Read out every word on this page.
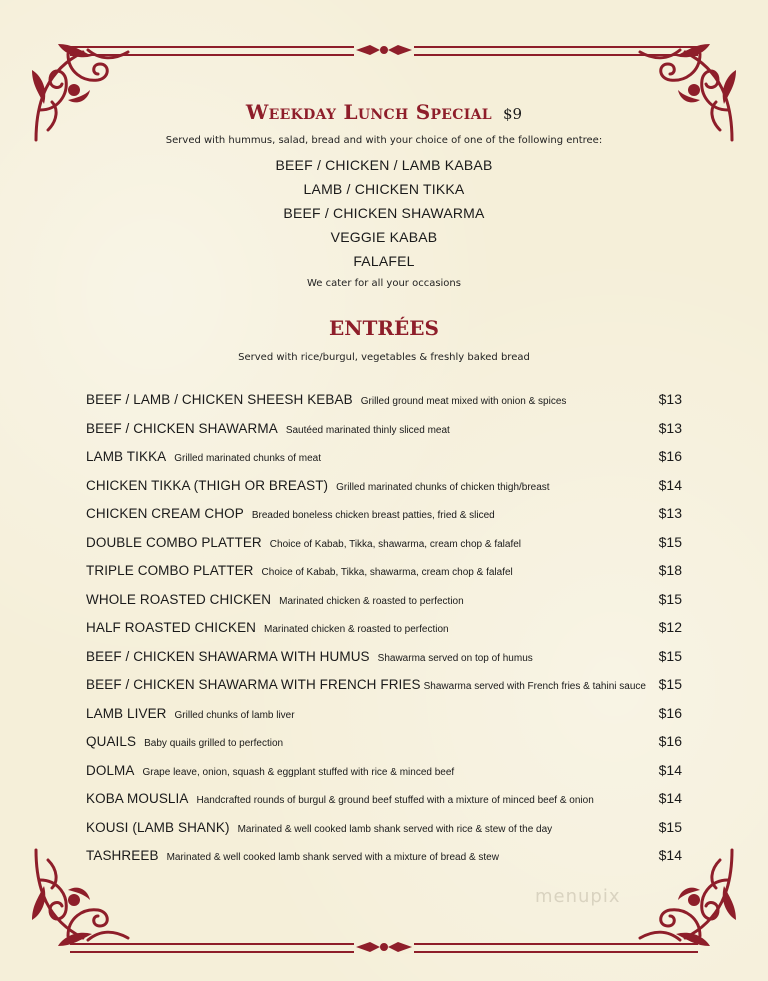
Weekday Lunch Special $9
Served with hummus, salad, bread and with your choice of one of the following entree:
BEEF / CHICKEN / LAMB KABAB
LAMB / CHICKEN TIKKA
BEEF / CHICKEN SHAWARMA
VEGGIE KABAB
FALAFEL
We cater for all your occasions
ENTRÉES
Served with rice/burgul, vegetables & freshly baked bread
BEEF / LAMB / CHICKEN SHEESH KEBAB Grilled ground meat mixed with onion & spices	$13
BEEF / CHICKEN SHAWARMA Sautéed marinated thinly sliced meat	$13
LAMB TIKKA Grilled marinated chunks of meat	$16
CHICKEN TIKKA (THIGH OR BREAST) Grilled marinated chunks of chicken thigh/breast	$14
CHICKEN CREAM CHOP Breaded boneless chicken breast patties, fried & sliced	$13
DOUBLE COMBO PLATTER Choice of Kabab, Tikka, shawarma, cream chop & falafel	$15
TRIPLE COMBO PLATTER Choice of Kabab, Tikka, shawarma, cream chop & falafel	$18
WHOLE ROASTED CHICKEN Marinated chicken & roasted to perfection	$15
HALF ROASTED CHICKEN Marinated chicken & roasted to perfection	$12
BEEF / CHICKEN SHAWARMA WITH HUMUS Shawarma served on top of humus	$15
BEEF / CHICKEN SHAWARMA WITH FRENCH FRIES Shawarma served with French fries & tahini sauce $15
LAMB LIVER Grilled chunks of lamb liver	$16
QUAILS Baby quails grilled to perfection	$16
DOLMA Grape leave, onion, squash & eggplant stuffed with rice & minced beef	$14
KOBA MOUSLIA Handcrafted rounds of burgul & ground beef stuffed with a mixture of minced beef & onion	$14
KOUSI (LAMB SHANK) Marinated & well cooked lamb shank served with rice & stew of the day	$15
TASHREEB Marinated & well cooked lamb shank served with a mixture of bread & stew	$14
menupix
